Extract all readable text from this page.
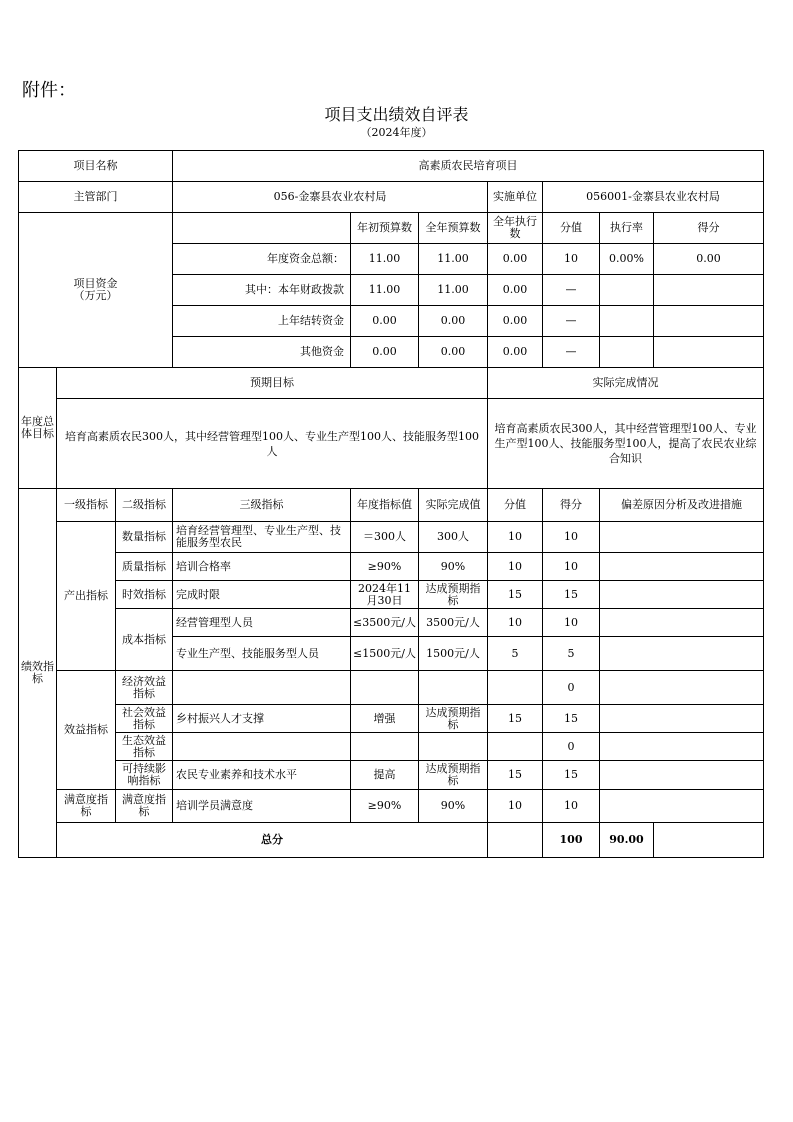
附件：
项目支出绩效自评表
（2024年度）
项目名称			高素质农民培育项目						
主管部门			056-金寨县农业农村局			实施单位	056001-金寨县农业农村局		

项目资金
（万元）				年初预算数	全年预算数	全年执行数	分值	执行率	得分
			年度资金总额：	11.00	11.00	0.00	10	0.00%	0.00
			其中：本年财政拨款	11.00	11.00	0.00	—		
			上年结转资金	0.00	0.00	0.00	—		
			其他资金	0.00	0.00	0.00	—		
年度总体目标	预期目标					实际完成情况			
	培育高素质农民300人，其中经营管理型100人、专业生产型100人、技能服务型100人					培育高素质农民300人，其中经营管理型100人、专业生产型100人、技能服务型100人，提高了农民农业综合知识			
绩效指标	一级指标	二级指标	三级指标	年度指标值	实际完成值	分值	得分	偏差原因分析及改进措施	
	产出指标	数量指标	培育经营管理型、专业生产型、技能服务型农民	＝300人	300人	10	10		
		质量指标	培训合格率	≥90%	90%	10	10		
		时效指标	完成时限	2024年11月30日	达成预期指标	15	15		
		成本指标	经营管理型人员	≤3500元/人	3500元/人	10	10		
			专业生产型、技能服务型人员	≤1500元/人	1500元/人	5	5		
	效益指标	经济效益指标					0		
		社会效益指标	乡村振兴人才支撑	增强	达成预期指标	15	15		
		生态效益指标					0		
		可持续影响指标	农民专业素养和技术水平	提高	达成预期指标	15	15		
	满意度指标	满意度指标	培训学员满意度	≥90%	90%	10	10		
	总分						100	90.00	
